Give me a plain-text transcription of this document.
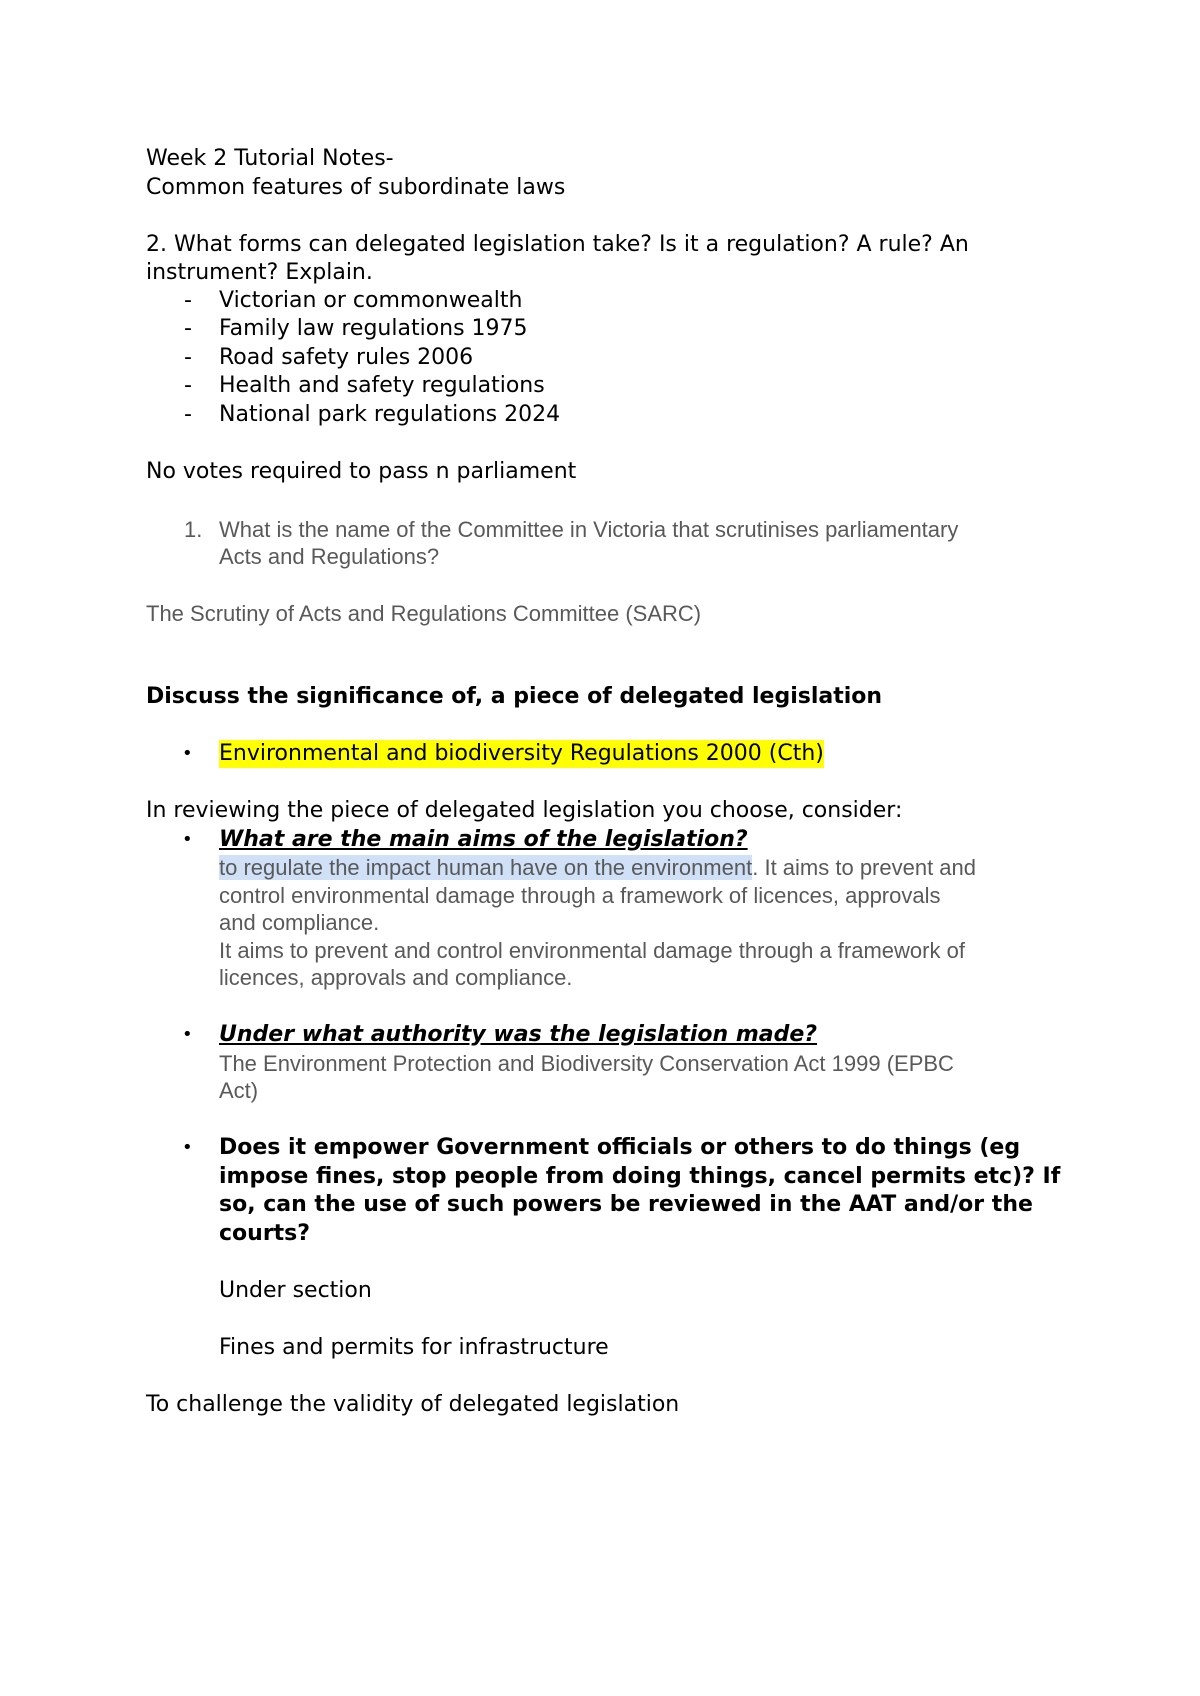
Week 2 Tutorial Notes-
Common features of subordinate laws
2. What forms can delegated legislation take? Is it a regulation? A rule? An
instrument? Explain.
- Victorian or commonwealth
- Family law regulations 1975
- Road safety rules 2006
- Health and safety regulations
- National park regulations 2024
No votes required to pass n parliament
1. What is the name of the Committee in Victoria that scrutinises parliamentary
Acts and Regulations?
The Scrutiny of Acts and Regulations Committee (SARC)
Discuss the significance of, a piece of delegated legislation
• Environmental and biodiversity Regulations 2000 (Cth)
In reviewing the piece of delegated legislation you choose, consider:
• What are the main aims of the legislation?
to regulate the impact human have on the environment. It aims to prevent and
control environmental damage through a framework of licences, approvals
and compliance.
It aims to prevent and control environmental damage through a framework of
licences, approvals and compliance.
• Under what authority was the legislation made?
The Environment Protection and Biodiversity Conservation Act 1999 (EPBC
Act)
• Does it empower Government officials or others to do things (eg
impose fines, stop people from doing things, cancel permits etc)? If
so, can the use of such powers be reviewed in the AAT and/or the
courts?
Under section
Fines and permits for infrastructure
To challenge the validity of delegated legislation
